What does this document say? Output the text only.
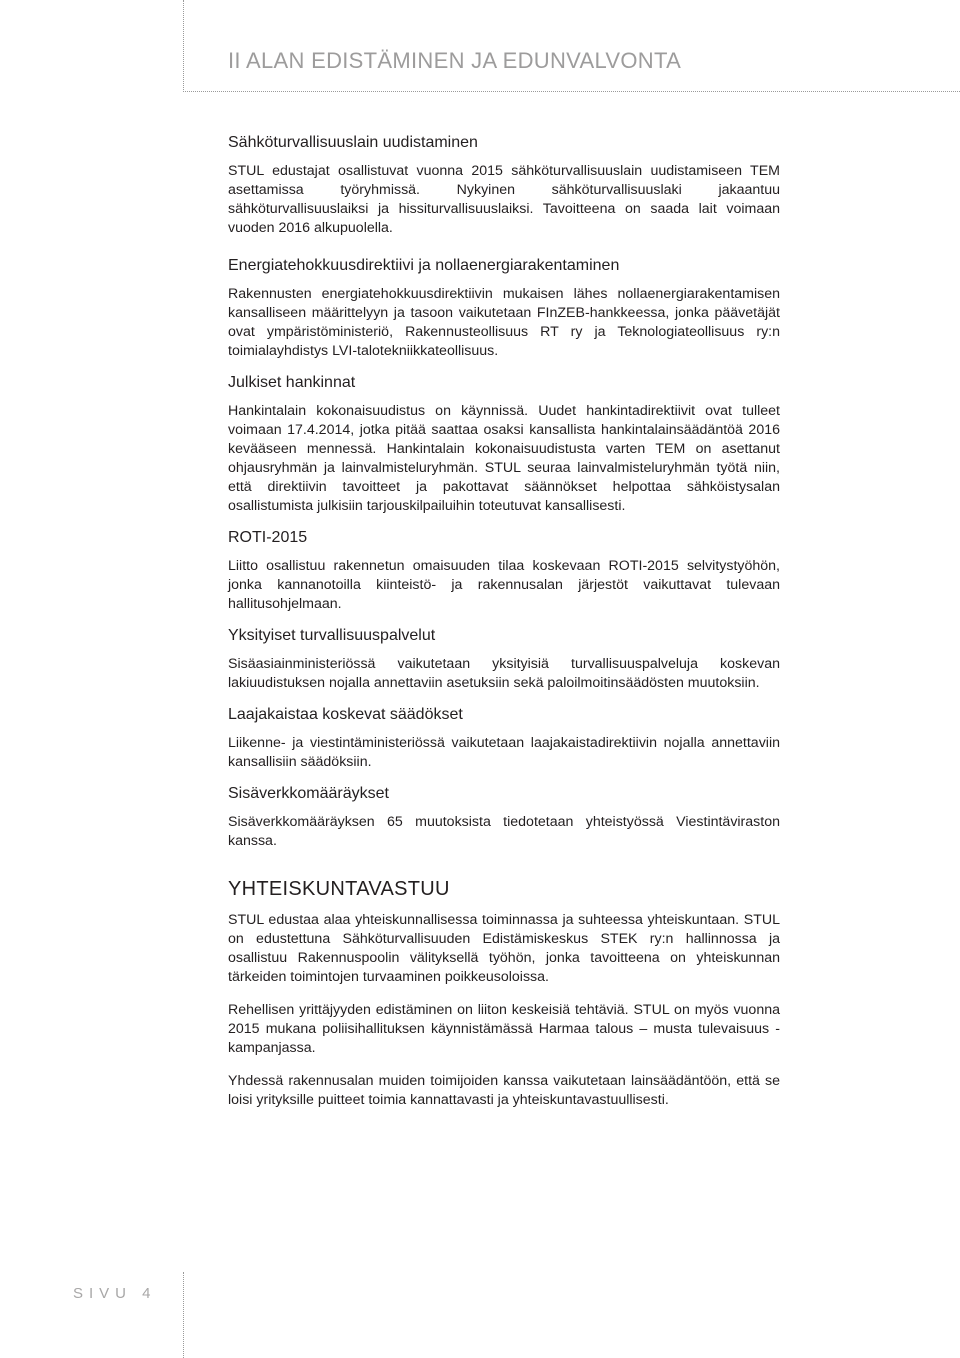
II ALAN EDISTÄMINEN JA EDUNVALVONTA
Sähköturvallisuuslain uudistaminen

STUL edustajat osallistuvat vuonna 2015 sähköturvallisuuslain uudistamiseen TEM asettamissa työryhmissä. Nykyinen sähköturvallisuuslaki jakaantuu sähköturvallisuuslaiksi ja hissiturvallisuuslaiksi. Tavoitteena on saada lait voimaan vuoden 2016 alkupuolella.

Energiatehokkuusdirektiivi ja nollaenergiarakentaminen

Rakennusten energiatehokkuusdirektiivin mukaisen lähes nollaenergiarakentamisen kansalliseen määrittelyyn ja tasoon vaikutetaan FInZEB-hankkeessa, jonka päävetäjät ovat ympäristöministeriö, Rakennusteollisuus RT ry ja Teknologiateollisuus ry:n toimialayhdistys LVI-talotekniikkateollisuus.

Julkiset hankinnat

Hankintalain kokonaisuudistus on käynnissä. Uudet hankintadirektiivit ovat tulleet voimaan 17.4.2014, jotka pitää saattaa osaksi kansallista hankintalainsäädäntöä 2016 kevääseen mennessä. Hankintalain kokonaisuudistusta varten TEM on asettanut ohjausryhmän ja lainvalmisteluryhmän. STUL seuraa lainvalmisteluryhmän työtä niin, että direktiivin tavoitteet ja pakottavat säännökset helpottaa sähköistysalan osallistumista julkisiin tarjouskilpailuihin toteutuvat kansallisesti.

ROTI-2015

Liitto osallistuu rakennetun omaisuuden tilaa koskevaan ROTI-2015 selvitystyöhön, jonka kannanotoilla kiinteistö- ja rakennusalan järjestöt vaikuttavat tulevaan hallitusohjelmaan.

Yksityiset turvallisuuspalvelut

Sisäasiainministeriössä vaikutetaan yksityisiä turvallisuuspalveluja koskevan lakiuudistuksen nojalla annettaviin asetuksiin sekä paloilmoitinsäädösten muutoksiin.

Laajakaistaa koskevat säädökset

Liikenne- ja viestintäministeriössä vaikutetaan laajakaistadirektiivin nojalla annettaviin kansallisiin säädöksiin.

Sisäverkkomääräykset

Sisäverkkomääräyksen 65 muutoksista tiedotetaan yhteistyössä Viestintäviraston kanssa.

YHTEISKUNTAVASTUU

STUL edustaa alaa yhteiskunnallisessa toiminnassa ja suhteessa yhteiskuntaan. STUL on edustettuna Sähköturvallisuuden Edistämiskeskus STEK ry:n hallinnossa ja osallistuu Rakennuspoolin välityksellä työhön, jonka tavoitteena on yhteiskunnan tärkeiden toimintojen turvaaminen poikkeusoloissa.

Rehellisen yrittäjyyden edistäminen on liiton keskeisiä tehtäviä. STUL on myös vuonna 2015 mukana poliisihallituksen käynnistämässä Harmaa talous – musta tulevaisuus -kampanjassa.

Yhdessä rakennusalan muiden toimijoiden kanssa vaikutetaan lainsäädäntöön, että se loisi yrityksille puitteet toimia kannattavasti ja yhteiskuntavastuullisesti.

SIVU 4
